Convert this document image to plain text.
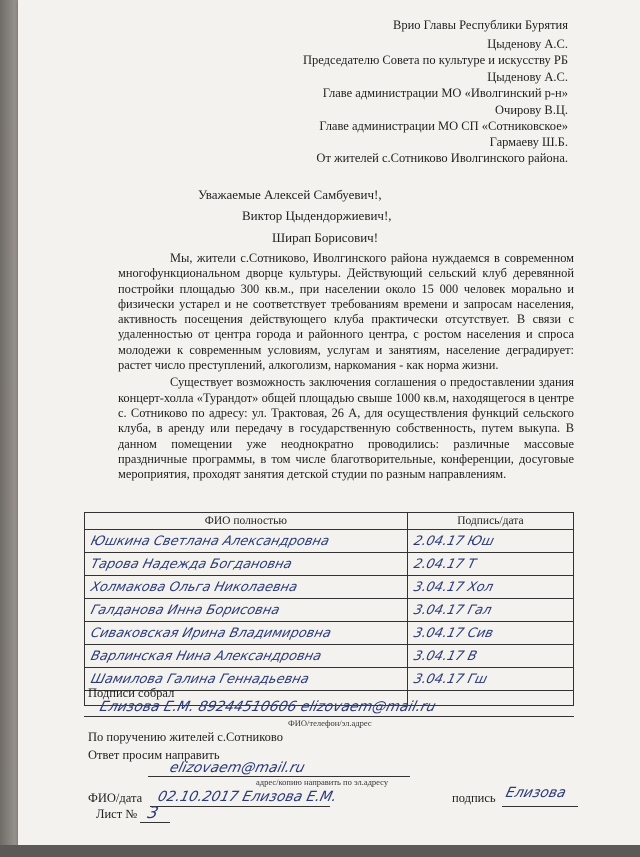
Врио Главы Республики Бурятия
Цыденову А.С.
Председателю Совета по культуре и искусству РБ
Цыденову А.С.
Главе администрации МО «Иволгинский р-н»
Очирову В.Ц.
Главе администрации МО СП «Сотниковское»
Гармаеву Ш.Б.
От жителей с.Сотниково Иволгинского района.
Уважаемые Алексей Самбуевич!,
Виктор Цыдендоржиевич!,
Ширап Борисович!

Мы, жители с.Сотниково, Иволгинского района нуждаемся в современном многофункциональном дворце культуры. Действующий сельский клуб деревянной постройки площадью 300 кв.м., при населении около 15 000 человек морально и физически устарел и не соответствует требованиям времени и запросам населения, активность посещения действующего клуба практически отсутствует. В связи с удаленностью от центра города и районного центра, с ростом населения и спроса молодежи к современным условиям, услугам и занятиям, население деградирует: растет число преступлений, алкоголизм, наркомания - как норма жизни.

Существует возможность заключения соглашения о предоставлении здания концерт-холла «Турандот» общей площадью свыше 1000 кв.м, находящегося в центре с. Сотниково по адресу: ул. Трактовая, 26 А, для осуществления функций сельского клуба, в аренду или передачу в государственную собственность, путем выкупа. В данном помещении уже неоднократно проводились: различные массовые праздничные программы, в том числе благотворительные, конференции, досуговые мероприятия, проходят занятия детской студии по разным направлениям.

ФИО полностью	Подпись/дата
Юшкина Светлана Александровна	2.04.17 Юш
Тарова Надежда Богдановна	2.04.17 Т
Холмакова Ольга Николаевна	3.04.17 Хол
Галданова Инна Борисовна	3.04.17 Гал
Сиваковская Ирина Владимировна	3.04.17 Сив
Варлинская Нина Александровна	3.04.17 В
Шамилова Галина Геннадьевна	3.04.17 Гш

Подписи собрал
Елизова Е.М. 89244510606 elizovaem@mail.ru
ФИО/телефон/эл.адрес
По поручению жителей с.Сотниково
Ответ просим направить
elizovaem@mail.ru
адрес/копию направить по эл.адресу
ФИО/дата 02.10.2017 Елизова Е.М.
Лист № 3
подпись Елизова
